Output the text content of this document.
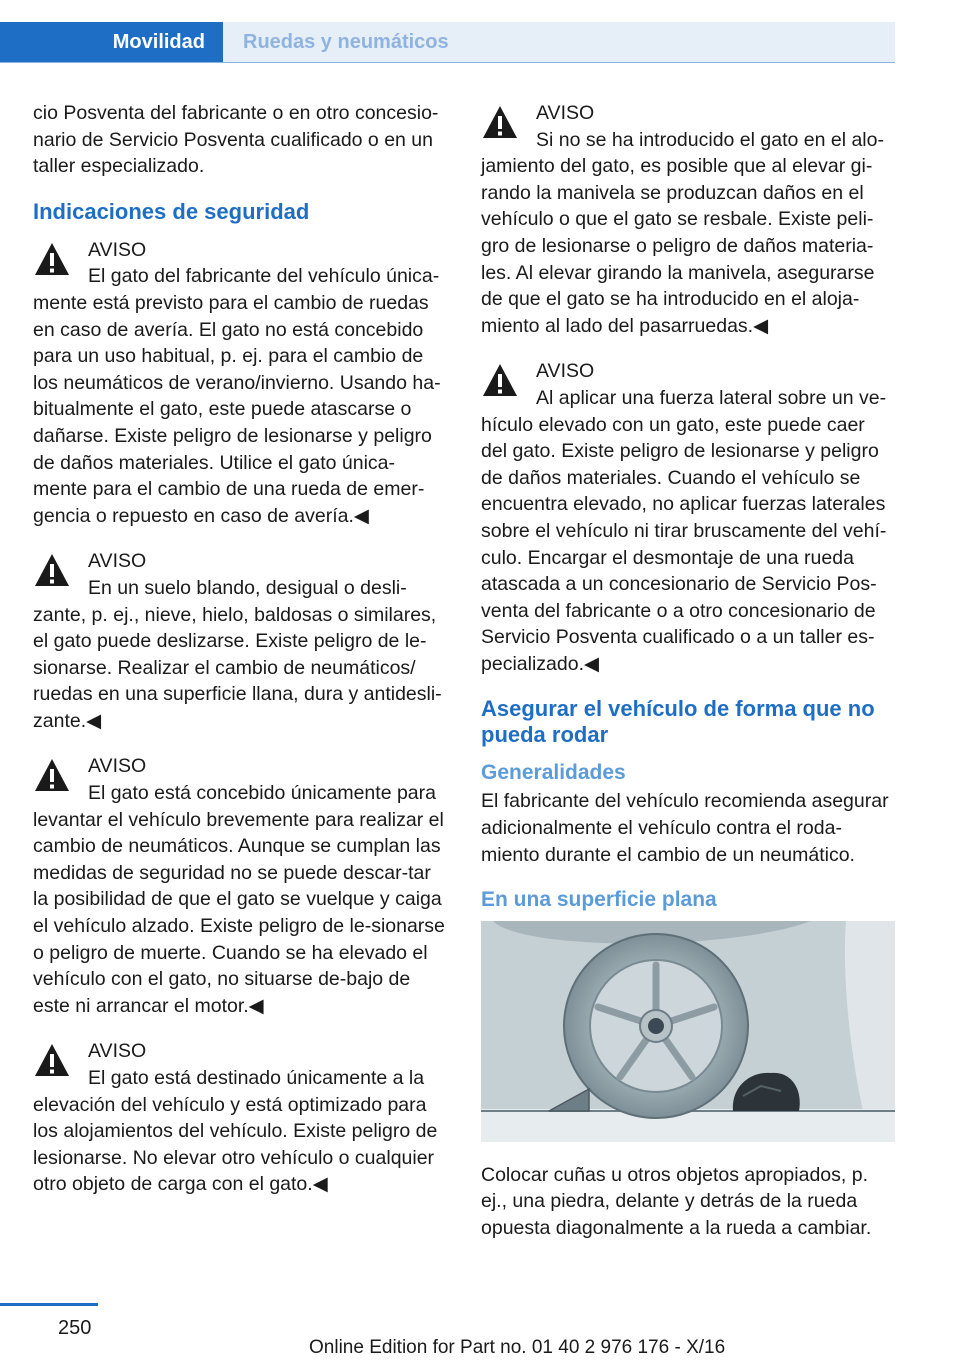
Movilidad Ruedas y neumáticos

cio Posventa del fabricante o en otro concesionario de Servicio Posventa cualificado o en un taller especializado.

Indicaciones de seguridad
AVISO
El gato del fabricante del vehículo única‐
mente está previsto para el cambio de ruedas en caso de avería. El gato no está concebido para un uso habitual, p. ej. para el cambio de los neumáticos de verano/invierno. Usando ha‐bitualmente el gato, este puede atascarse o dañarse. Existe peligro de lesionarse y peligro de daños materiales. Utilice el gato única‐mente para el cambio de una rueda de emer‐gencia o repuesto en caso de avería.◀
AVISO
En un suelo blando, desigual o desli‐
zante, p. ej., nieve, hielo, baldosas o similares, el gato puede deslizarse. Existe peligro de le‐sionarse. Realizar el cambio de neumáticos/ ruedas en una superficie llana, dura y antidesli‐zante.◀
AVISO
El gato está concebido únicamente para
levantar el vehículo brevemente para realizar el cambio de neumáticos. Aunque se cumplan las medidas de seguridad no se puede descar‐tar la posibilidad de que el gato se vuelque y caiga el vehículo alzado. Existe peligro de le‐sionarse o peligro de muerte. Cuando se ha elevado el vehículo con el gato, no situarse de‐bajo de este ni arrancar el motor.◀
AVISO
El gato está destinado únicamente a la
elevación del vehículo y está optimizado para los alojamientos del vehículo. Existe peligro de lesionarse. No elevar otro vehículo o cualquier otro objeto de carga con el gato.◀
AVISO
Si no se ha introducido el gato en el alo‐
jamiento del gato, es posible que al elevar gi‐rando la manivela se produzcan daños en el vehículo o que el gato se resbale. Existe peli‐gro de lesionarse o peligro de daños materia‐les. Al elevar girando la manivela, asegurarse de que el gato se ha introducido en el aloja‐miento al lado del pasarruedas.◀
AVISO
Al aplicar una fuerza lateral sobre un ve‐
hículo elevado con un gato, este puede caer del gato. Existe peligro de lesionarse y peligro de daños materiales. Cuando el vehículo se encuentra elevado, no aplicar fuerzas laterales sobre el vehículo ni tirar bruscamente del vehí‐culo. Encargar el desmontaje de una rueda atascada a un concesionario de Servicio Pos‐venta del fabricante o a otro concesionario de Servicio Posventa cualificado o a un taller es‐pecializado.◀
Asegurar el vehículo de forma que no pueda rodar
Generalidades

El fabricante del vehículo recomienda asegurar adicionalmente el vehículo contra el roda‐miento durante el cambio de un neumático.

En una superficie plana

Colocar cuñas u otros objetos apropiados, p. ej., una piedra, delante y detrás de la rueda opuesta diagonalmente a la rueda a cambiar.

250
Online Edition for Part no. 01 40 2 976 176 - X/16
